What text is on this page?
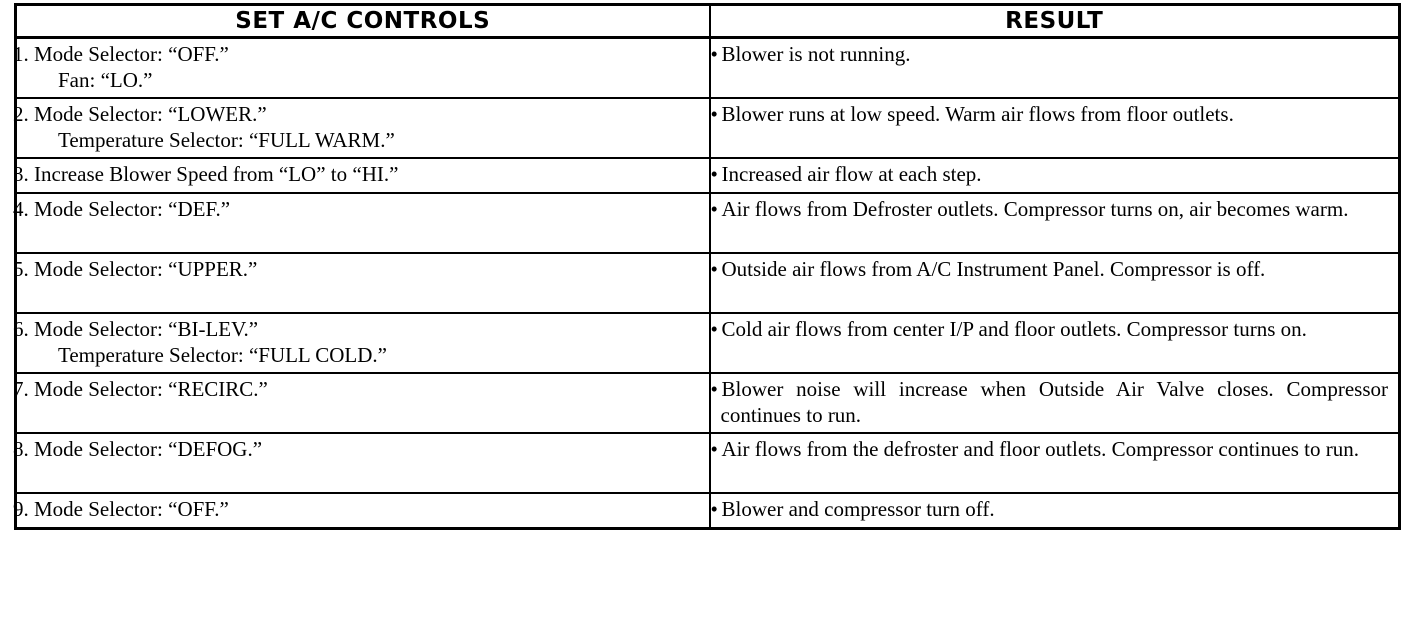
SET A/C CONTROLS	RESULT

1. Mode Selector: “OFF.”
Fan: “LO.”	• Blower is not running.

2. Mode Selector: “LOWER.”
Temperature Selector: “FULL WARM.”	• Blower runs at low speed. Warm air flows from floor outlets.

3. Increase Blower Speed from “LO” to “HI.”	• Increased air flow at each step.

4. Mode Selector: “DEF.”	• Air flows from Defroster outlets. Compressor turns on, air becomes warm.

5. Mode Selector: “UPPER.”	• Outside air flows from A/C Instrument Panel. Compressor is off.

6. Mode Selector: “BI-LEV.”
Temperature Selector: “FULL COLD.”	• Cold air flows from center I/P and floor outlets. Compressor turns on.

7. Mode Selector: “RECIRC.”	• Blower noise will increase when Outside Air Valve closes. Compressor continues to run.

8. Mode Selector: “DEFOG.”	• Air flows from the defroster and floor outlets. Compressor continues to run.

9. Mode Selector: “OFF.”	• Blower and compressor turn off.
